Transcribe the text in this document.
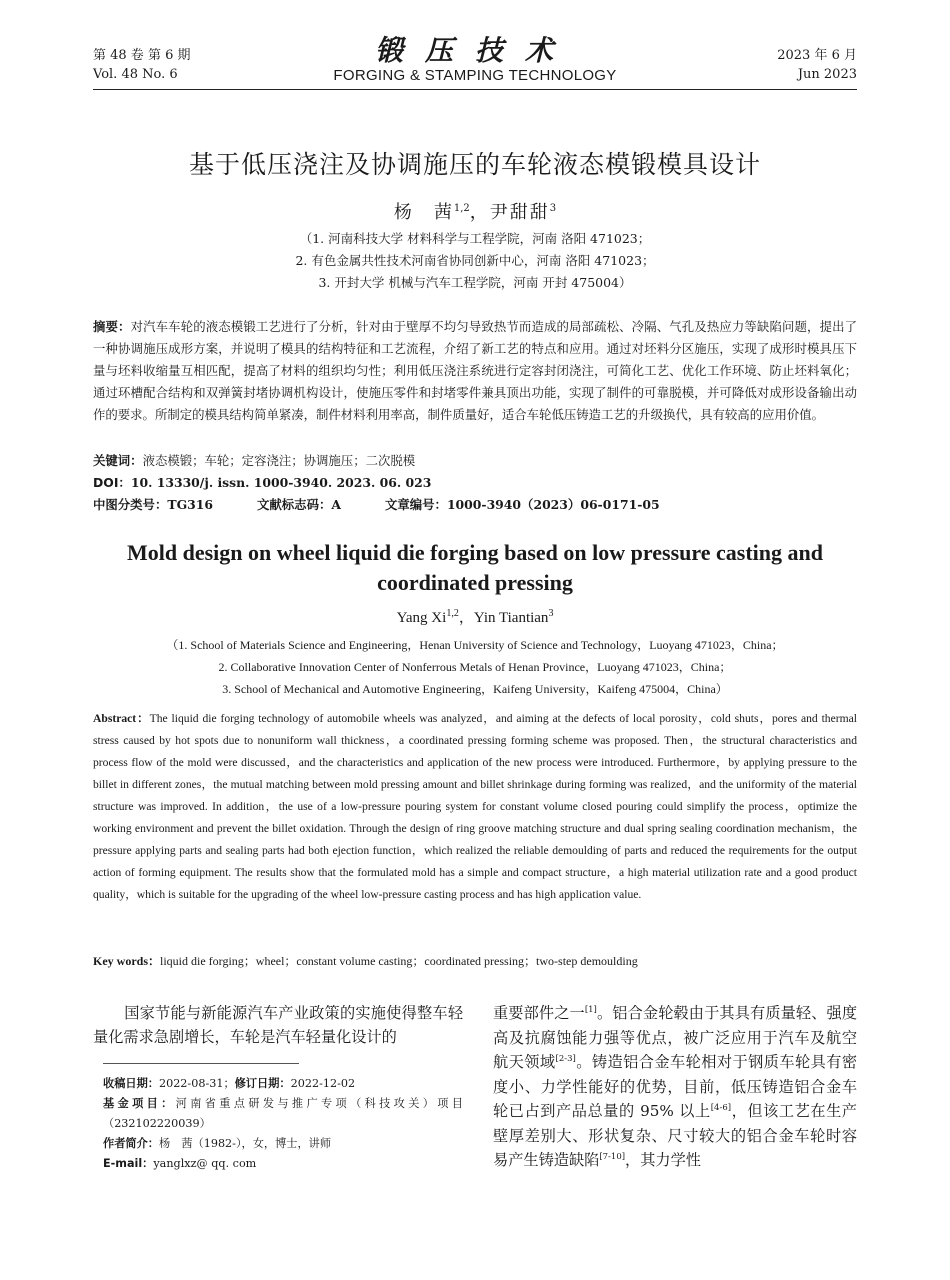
第 48 卷 第 6 期
Vol. 48 No. 6
锻压技术
FORGING & STAMPING TECHNOLOGY
2023 年 6 月
Jun 2023
基于低压浇注及协调施压的车轮液态模锻模具设计
杨　茜$^{1,2}$，尹甜甜$^3$
（1. 河南科技大学 材料科学与工程学院，河南 洛阳 471023；
2. 有色金属共性技术河南省协同创新中心，河南 洛阳 471023；
3. 开封大学 机械与汽车工程学院，河南 开封 475004）
摘要：对汽车车轮的液态模锻工艺进行了分析，针对由于壁厚不均匀导致热节而造成的局部疏松、冷隔、气孔及热应力等缺陷问题，提出了一种协调施压成形方案，并说明了模具的结构特征和工艺流程，介绍了新工艺的特点和应用。通过对坯料分区施压，实现了成形时模具压下量与坯料收缩量互相匹配，提高了材料的组织均匀性；利用低压浇注系统进行定容封闭浇注，可简化工艺、优化工作环境、防止坯料氧化；通过环槽配合结构和双弹簧封堵协调机构设计，使施压零件和封堵零件兼具顶出功能，实现了制件的可靠脱模，并可降低对成形设备输出动作的要求。所制定的模具结构简单紧凑，制件材料利用率高，制件质量好，适合车轮低压铸造工艺的升级换代，具有较高的应用价值。
关键词：液态模锻；车轮；定容浇注；协调施压；二次脱模
DOI：10. 13330/j. issn. 1000-3940. 2023. 06. 023
中图分类号：TG316	文献标志码：A	文章编号：1000-3940（2023）06-0171-05
Mold design on wheel liquid die forging based on low pressure casting and coordinated pressing
Yang Xi$^{1,2}$，Yin Tiantian$^3$
（1. School of Materials Science and Engineering，Henan University of Science and Technology，Luoyang 471023，China；
2. Collaborative Innovation Center of Nonferrous Metals of Henan Province，Luoyang 471023，China；
3. School of Mechanical and Automotive Engineering，Kaifeng University，Kaifeng 475004，China）
Abstract：The liquid die forging technology of automobile wheels was analyzed，and aiming at the defects of local porosity，cold shuts，pores and thermal stress caused by hot spots due to nonuniform wall thickness，a coordinated pressing forming scheme was proposed. Then，the structural characteristics and process flow of the mold were discussed，and the characteristics and application of the new process were introduced. Furthermore，by applying pressure to the billet in different zones，the mutual matching between mold pressing amount and billet shrinkage during forming was realized，and the uniformity of the material structure was improved. In addition，the use of a low-pressure pouring system for constant volume closed pouring could simplify the process，optimize the working environment and prevent the billet oxidation. Through the design of ring groove matching structure and dual spring sealing coordination mechanism，the pressure applying parts and sealing parts had both ejection function，which realized the reliable demoulding of parts and reduced the requirements for the output action of forming equipment. The results show that the formulated mold has a simple and compact structure，a high material utilization rate and a good product quality，which is suitable for the upgrading of the wheel low-pressure casting process and has high application value.
Key words：liquid die forging；wheel；constant volume casting；coordinated pressing；two-step demoulding
国家节能与新能源汽车产业政策的实施使得整车轻量化需求急剧增长，车轮是汽车轻量化设计的
收稿日期：2022-08-31；修订日期：2022-12-02
基金项目：河南省重点研发与推广专项（科技攻关）项目（232102220039）
作者简介：杨　茜（1982-），女，博士，讲师
E-mail：yanglxz@ qq. com
重要部件之一[1]。铝合金轮毂由于其具有质量轻、强度高及抗腐蚀能力强等优点，被广泛应用于汽车及航空航天领域[2-3]。铸造铝合金车轮相对于钢质车轮具有密度小、力学性能好的优势，目前，低压铸造铝合金车轮已占到产品总量的 95% 以上[4-6]，但该工艺在生产壁厚差别大、形状复杂、尺寸较大的铝合金车轮时容易产生铸造缺陷[7-10]，其力学性
